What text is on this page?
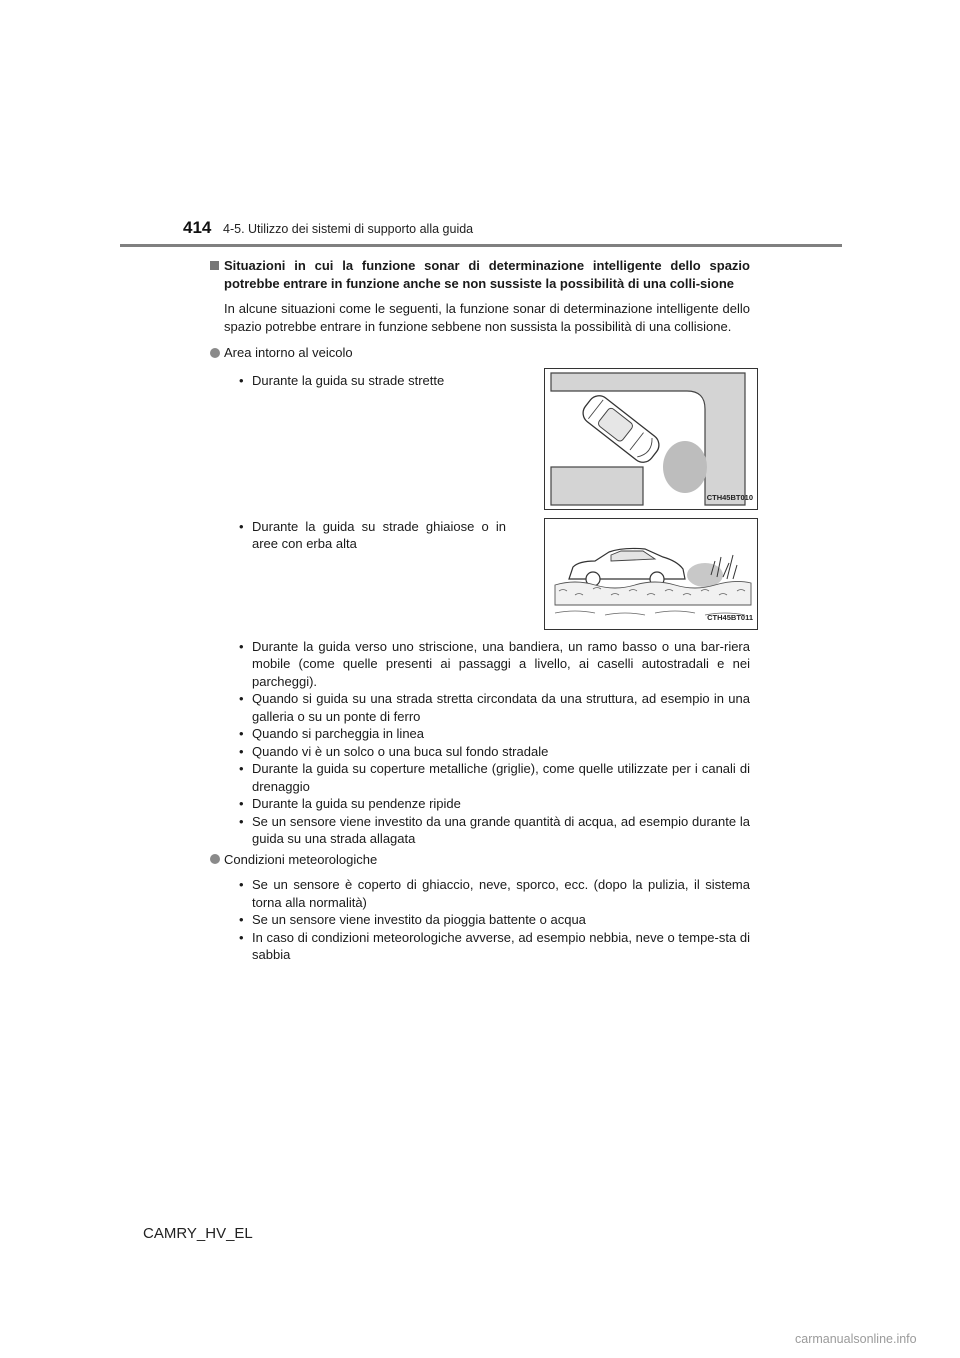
414 4-5. Utilizzo dei sistemi di supporto alla guida

Situazioni in cui la funzione sonar di determinazione intelligente dello spazio potrebbe entrare in funzione anche se non sussiste la possibilità di una colli-sione

In alcune situazioni come le seguenti, la funzione sonar di determinazione intelligente dello spazio potrebbe entrare in funzione sebbene non sussista la possibilità di una collisione.

Area intorno al veicolo
• Durante la guida su strade strette
CTH45BT010
• Durante la guida su strade ghiaiose o in aree con erba alta
CTH45BT011
• Durante la guida verso uno striscione, una bandiera, un ramo basso o una bar-riera mobile (come quelle presenti ai passaggi a livello, ai caselli autostradali e nei parcheggi).
• Quando si guida su una strada stretta circondata da una struttura, ad esempio in una galleria o su un ponte di ferro
• Quando si parcheggia in linea
• Quando vi è un solco o una buca sul fondo stradale
• Durante la guida su coperture metalliche (griglie), come quelle utilizzate per i canali di drenaggio
• Durante la guida su pendenze ripide
• Se un sensore viene investito da una grande quantità di acqua, ad esempio durante la guida su una strada allagata
Condizioni meteorologiche
• Se un sensore è coperto di ghiaccio, neve, sporco, ecc. (dopo la pulizia, il sistema torna alla normalità)
• Se un sensore viene investito da pioggia battente o acqua
• In caso di condizioni meteorologiche avverse, ad esempio nebbia, neve o tempe-sta di sabbia
CAMRY_HV_EL
carmanualsonline.info
